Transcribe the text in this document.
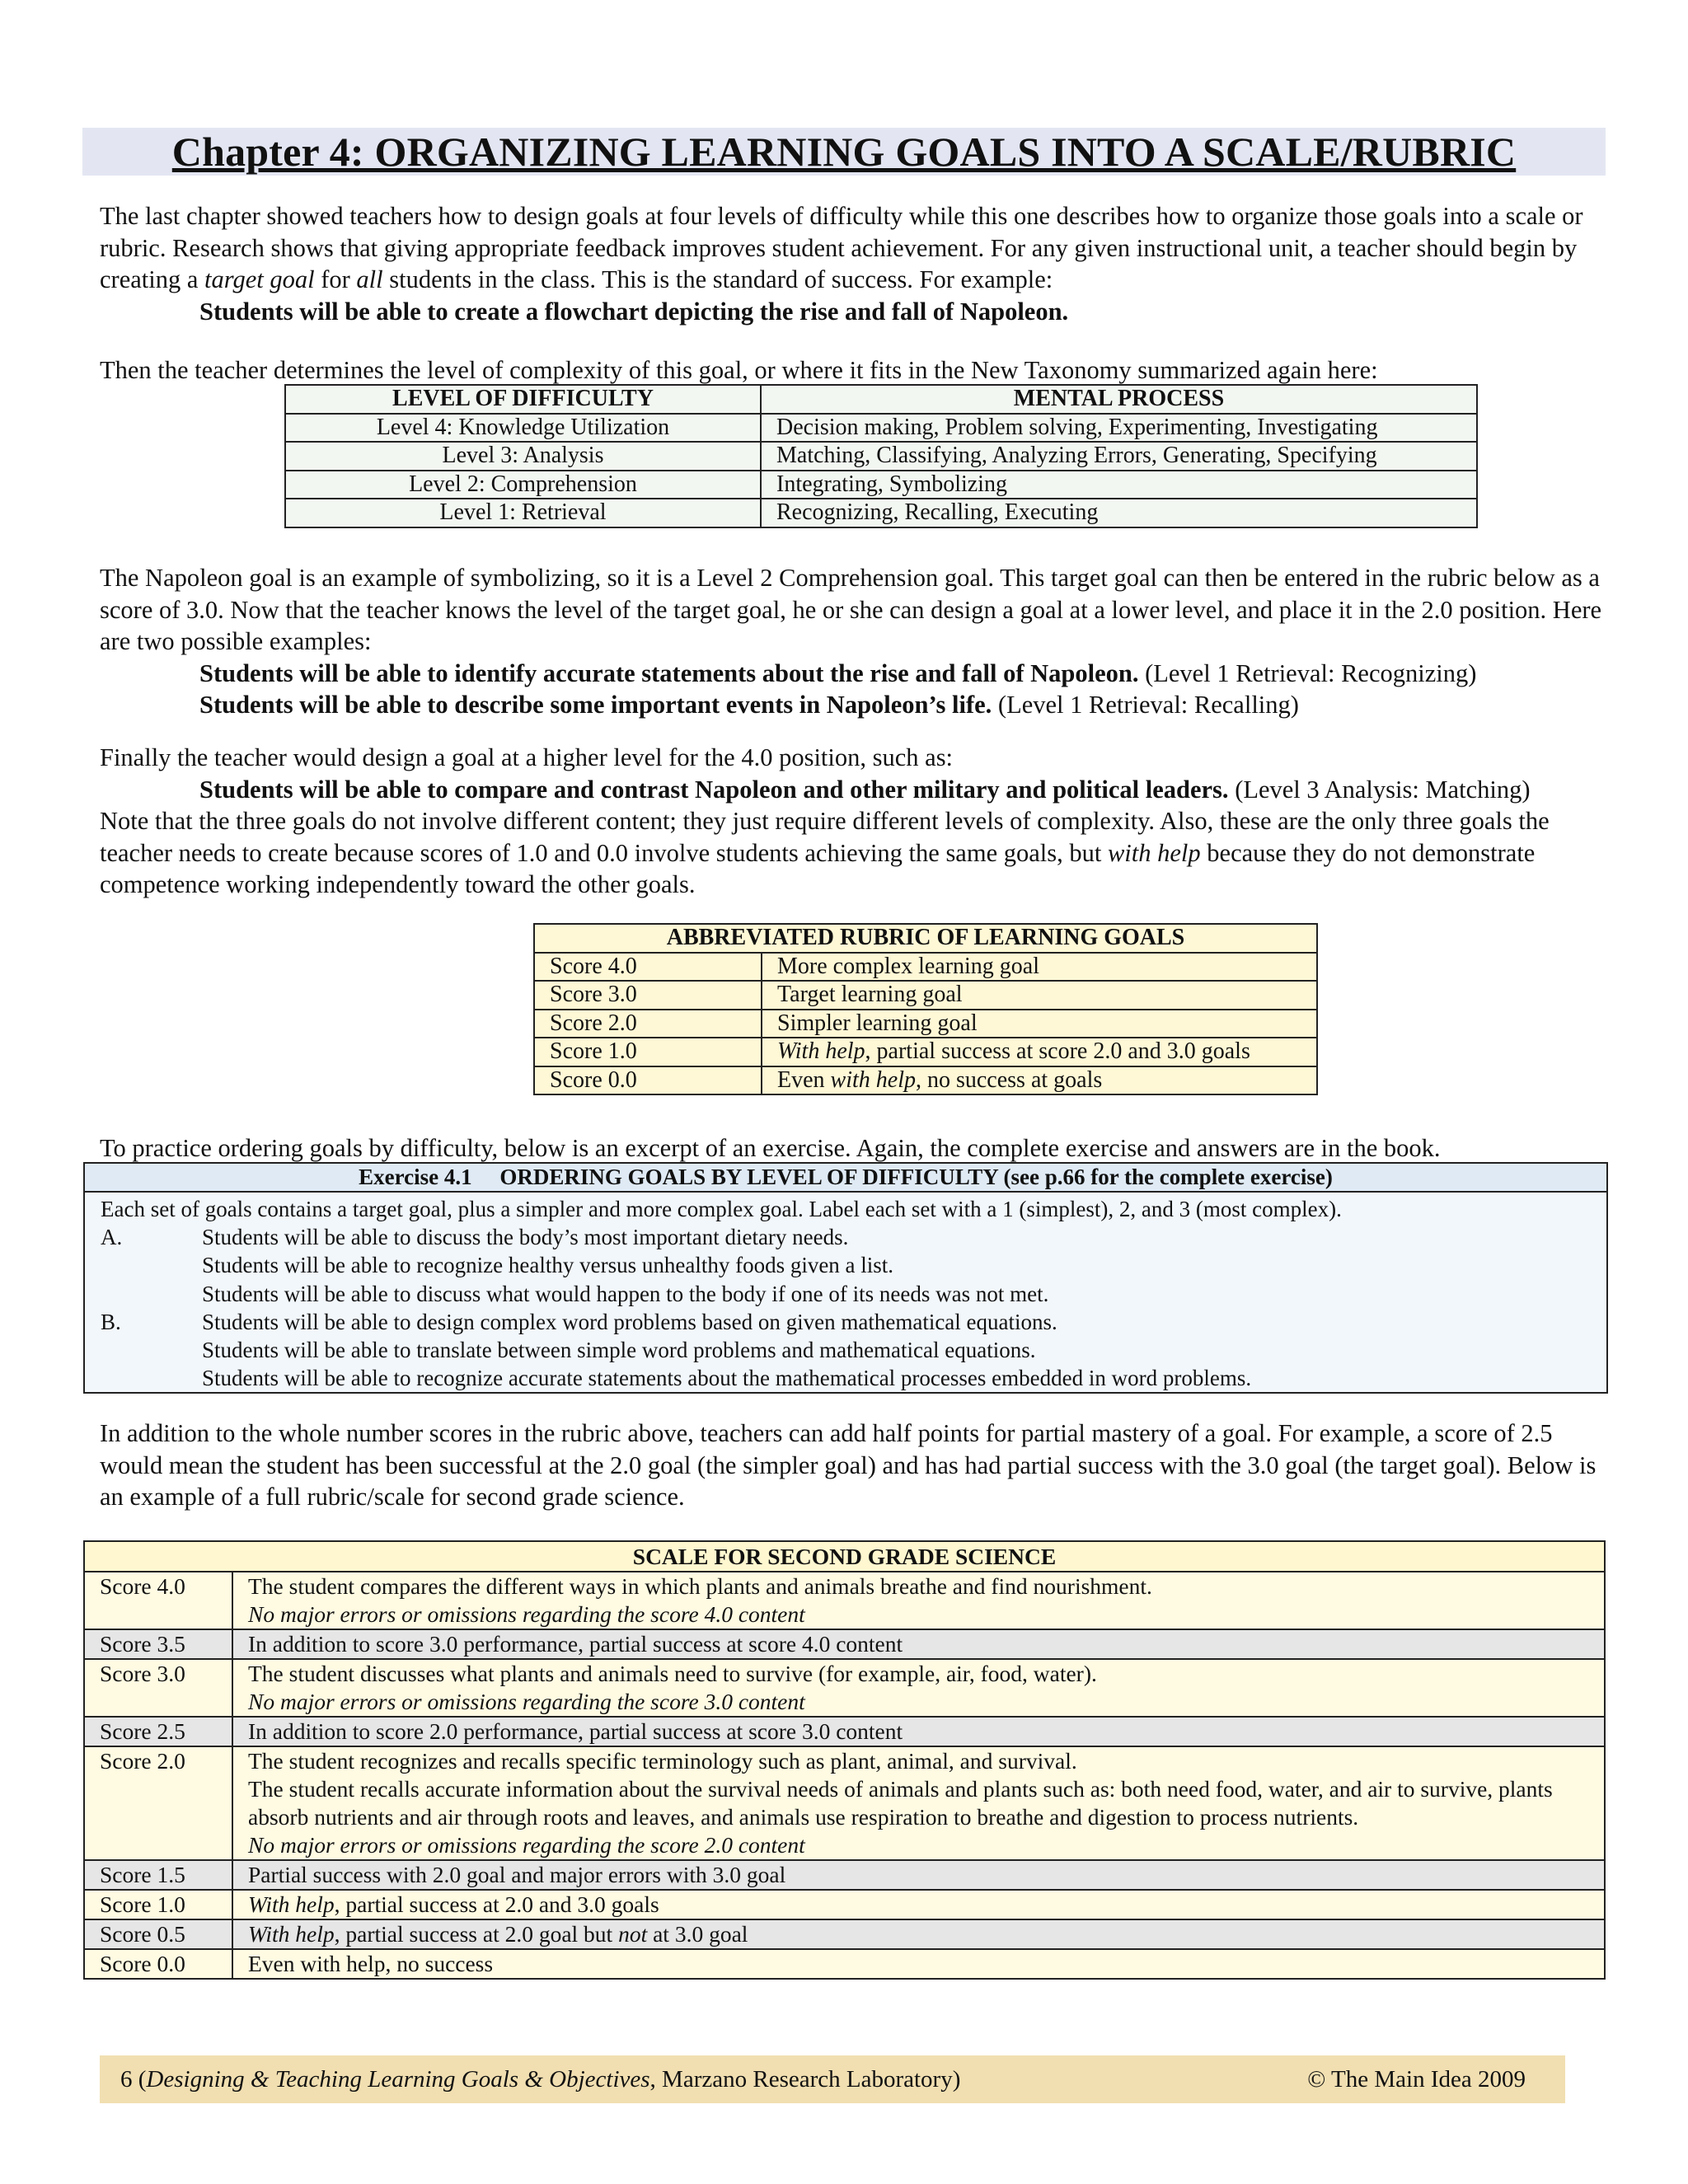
Chapter 4: ORGANIZING LEARNING GOALS INTO A SCALE/RUBRIC

The last chapter showed teachers how to design goals at four levels of difficulty while this one describes how to organize those goals into a scale or rubric. Research shows that giving appropriate feedback improves student achievement. For any given instructional unit, a teacher should begin by creating a target goal for all students in the class. This is the standard of success. For example:

Students will be able to create a flowchart depicting the rise and fall of Napoleon.

Then the teacher determines the level of complexity of this goal, or where it fits in the New Taxonomy summarized again here:
LEVEL OF DIFFICULTY	MENTAL PROCESS
Level 4: Knowledge Utilization	Decision making, Problem solving, Experimenting, Investigating
Level 3: Analysis	Matching, Classifying, Analyzing Errors, Generating, Specifying
Level 2: Comprehension	Integrating, Symbolizing
Level 1: Retrieval	Recognizing, Recalling, Executing

The Napoleon goal is an example of symbolizing, so it is a Level 2 Comprehension goal. This target goal can then be entered in the rubric below as a score of 3.0. Now that the teacher knows the level of the target goal, he or she can design a goal at a lower level, and place it in the 2.0 position. Here are two possible examples:

Students will be able to identify accurate statements about the rise and fall of Napoleon. (Level 1 Retrieval: Recognizing)

Students will be able to describe some important events in Napoleon’s life. (Level 1 Retrieval: Recalling)

Finally the teacher would design a goal at a higher level for the 4.0 position, such as:

Students will be able to compare and contrast Napoleon and other military and political leaders. (Level 3 Analysis: Matching)

Note that the three goals do not involve different content; they just require different levels of complexity. Also, these are the only three goals the teacher needs to create because scores of 1.0 and 0.0 involve students achieving the same goals, but with help because they do not demonstrate competence working independently toward the other goals.

ABBREVIATED RUBRIC OF LEARNING GOALS	
Score 4.0	More complex learning goal
Score 3.0	Target learning goal
Score 2.0	Simpler learning goal
Score 1.0	With help, partial success at score 2.0 and 3.0 goals
Score 0.0	Even with help, no success at goals
To practice ordering goals by difficulty, below is an excerpt of an exercise. Again, the complete exercise and answers are in the book.
Exercise 4.1 ORDERING GOALS BY LEVEL OF DIFFICULTY (see p.66 for the complete exercise)
Each set of goals contains a target goal, plus a simpler and more complex goal. Label each set with a 1 (simplest), 2, and 3 (most complex).
A.	Students will be able to discuss the body’s most important dietary needs.
Students will be able to recognize healthy versus unhealthy foods given a list.
Students will be able to discuss what would happen to the body if one of its needs was not met.
B.	Students will be able to design complex word problems based on given mathematical equations.
Students will be able to translate between simple word problems and mathematical equations.
Students will be able to recognize accurate statements about the mathematical processes embedded in word problems.
In addition to the whole number scores in the rubric above, teachers can add half points for partial mastery of a goal. For example, a score of 2.5 would mean the student has been successful at the 2.0 goal (the simpler goal) and has had partial success with the 3.0 goal (the target goal). Below is an example of a full rubric/scale for second grade science.
SCALE FOR SECOND GRADE SCIENCE	
Score 4.0	The student compares the different ways in which plants and animals breathe and find nourishment.
No major errors or omissions regarding the score 4.0 content

Score 3.5	In addition to score 3.0 performance, partial success at score 4.0 content
Score 3.0	The student discusses what plants and animals need to survive (for example, air, food, water).
No major errors or omissions regarding the score 3.0 content

Score 2.5	In addition to score 2.0 performance, partial success at score 3.0 content
Score 2.0	The student recognizes and recalls specific terminology such as plant, animal, and survival.
The student recalls accurate information about the survival needs of animals and plants such as: both need food, water, and air to survive, plants absorb nutrients and air through roots and leaves, and animals use respiration to breathe and digestion to process nutrients.
No major errors or omissions regarding the score 2.0 content

Score 1.5	Partial success with 2.0 goal and major errors with 3.0 goal
Score 1.0	With help, partial success at 2.0 and 3.0 goals
Score 0.5	With help, partial success at 2.0 goal but not at 3.0 goal
Score 0.0	Even with help, no success
6 (Designing & Teaching Learning Goals & Objectives, Marzano Research Laboratory)	© The Main Idea 2009
